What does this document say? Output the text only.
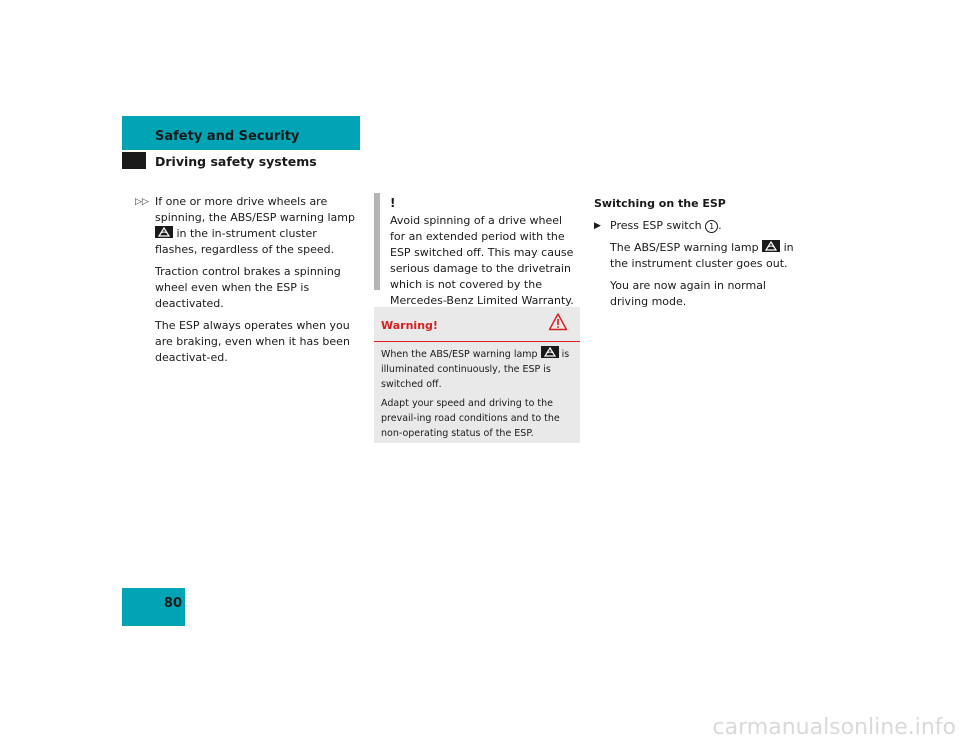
Safety and Security
Driving safety systems
▷▷ If one or more drive wheels are spinning, the ABS/ESP warning lamp
in the in-strument cluster flashes, regardless of the speed.

Traction control brakes a spinning wheel even when the ESP is deactivated.

The ESP always operates when you are braking, even when it has been deactivat-ed.

!

Avoid spinning of a drive wheel for an extended period with the ESP switched off. This may cause serious damage to the drivetrain which is not covered by the Mercedes-Benz Limited Warranty.

Warning!

When the ABS/ESP warning lamp	is illuminated continuously, the ESP is switched off.

Adapt your speed and driving to the prevail-ing road conditions and to the non-operating status of the ESP.

Switching on the ESP
▶ Press ESP switch 1 .

The ABS/ESP warning lamp in the instrument cluster goes out.

You are now again in normal driving mode.

80
carmanualsonline.info
